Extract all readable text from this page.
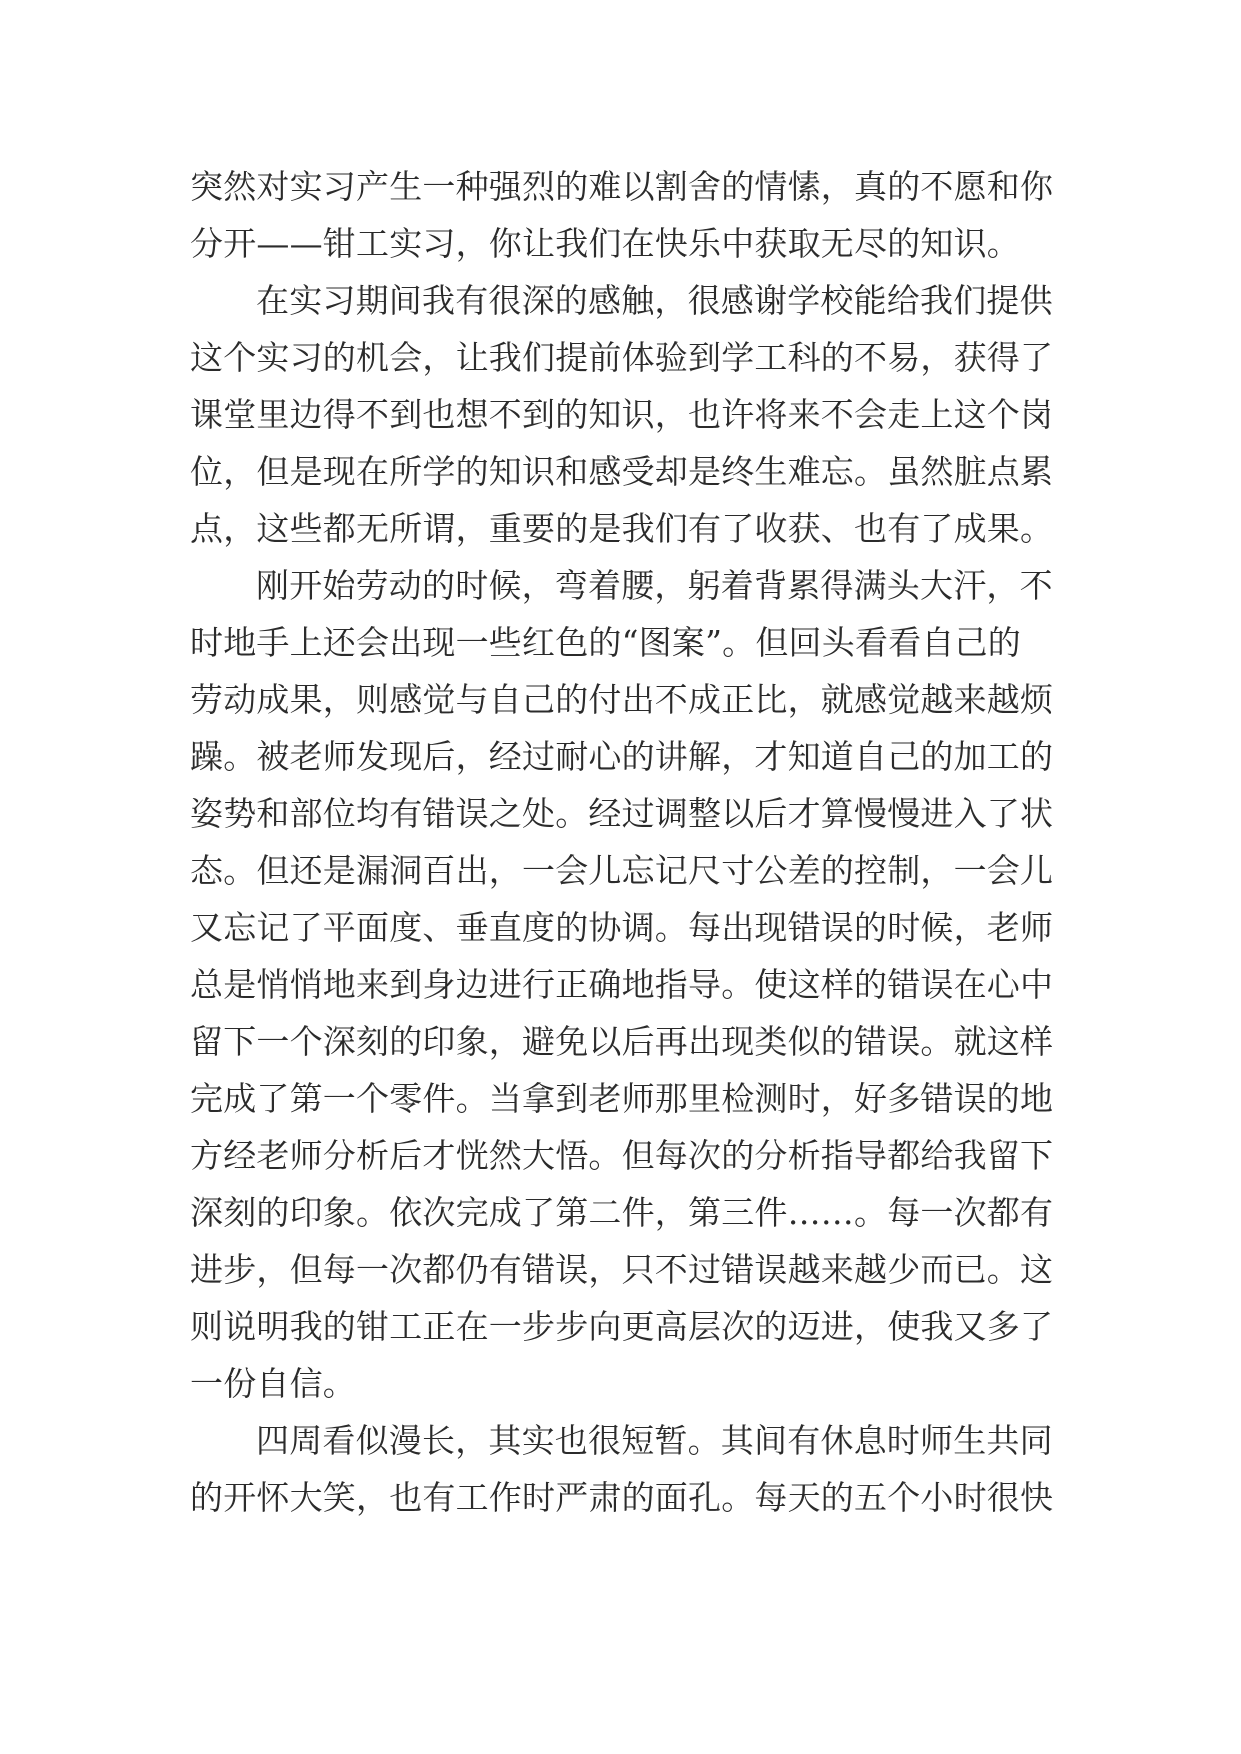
突然对实习产生一种强烈的难以割舍的情愫，真的不愿和你
分开——钳工实习，你让我们在快乐中获取无尽的知识。
在实习期间我有很深的感触，很感谢学校能给我们提供
这个实习的机会，让我们提前体验到学工科的不易，获得了
课堂里边得不到也想不到的知识，也许将来不会走上这个岗
位，但是现在所学的知识和感受却是终生难忘。虽然脏点累
点，这些都无所谓，重要的是我们有了收获、也有了成果。
刚开始劳动的时候，弯着腰，躬着背累得满头大汗，不
时地手上还会出现一些红色的“图案”。但回头看看自己的
劳动成果，则感觉与自己的付出不成正比，就感觉越来越烦
躁。被老师发现后，经过耐心的讲解，才知道自己的加工的
姿势和部位均有错误之处。经过调整以后才算慢慢进入了状
态。但还是漏洞百出，一会儿忘记尺寸公差的控制，一会儿
又忘记了平面度、垂直度的协调。每出现错误的时候，老师
总是悄悄地来到身边进行正确地指导。使这样的错误在心中
留下一个深刻的印象，避免以后再出现类似的错误。就这样
完成了第一个零件。当拿到老师那里检测时，好多错误的地
方经老师分析后才恍然大悟。但每次的分析指导都给我留下
深刻的印象。依次完成了第二件，第三件……。每一次都有
进步，但每一次都仍有错误，只不过错误越来越少而已。这
则说明我的钳工正在一步步向更高层次的迈进，使我又多了
一份自信。
四周看似漫长，其实也很短暂。其间有休息时师生共同
的开怀大笑，也有工作时严肃的面孔。每天的五个小时很快
